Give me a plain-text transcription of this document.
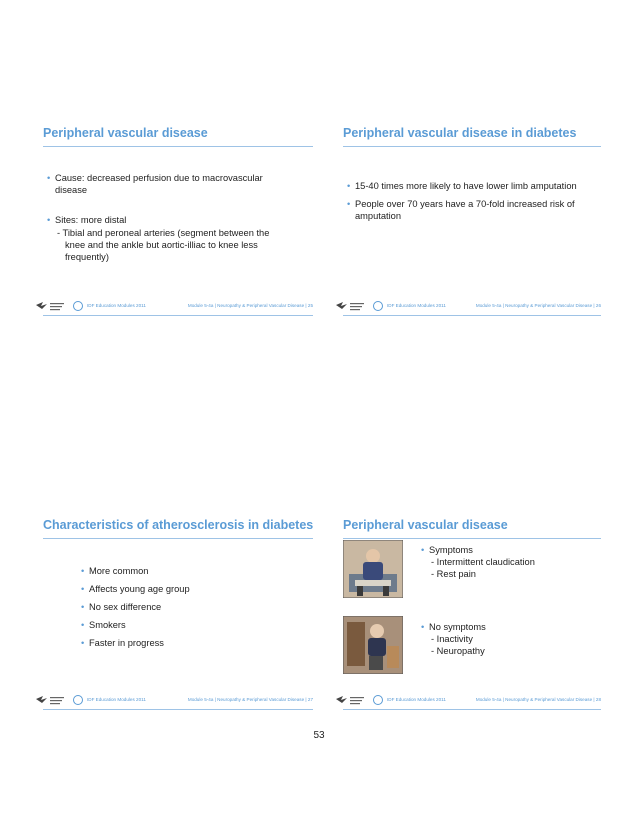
Peripheral vascular disease
• Cause: decreased perfusion due to macrovascular
disease
• Sites: more distal
- Tibial and peroneal arteries (segment between the
knee and the ankle but aortic-illiac to knee less
frequently)
IDF Education Modules 2011	Module 5-4a | Neuropathy & Peripheral Vascular Disease | 25
Peripheral vascular disease in diabetes
• 15-40 times more likely to have lower limb amputation
• People over 70 years have a 70-fold increased risk of
amputation
IDF Education Modules 2011	Module 5-4a | Neuropathy & Peripheral Vascular Disease | 26
Characteristics of atherosclerosis in diabetes
• More common
• Affects young age group
• No sex difference
• Smokers
• Faster in progress
IDF Education Modules 2011	Module 5-4a | Neuropathy & Peripheral Vascular Disease | 27
Peripheral vascular disease
• Symptoms
- Intermittent claudication
- Rest pain
• No symptoms
- Inactivity
- Neuropathy
IDF Education Modules 2011	Module 5-4a | Neuropathy & Peripheral Vascular Disease | 28
53
